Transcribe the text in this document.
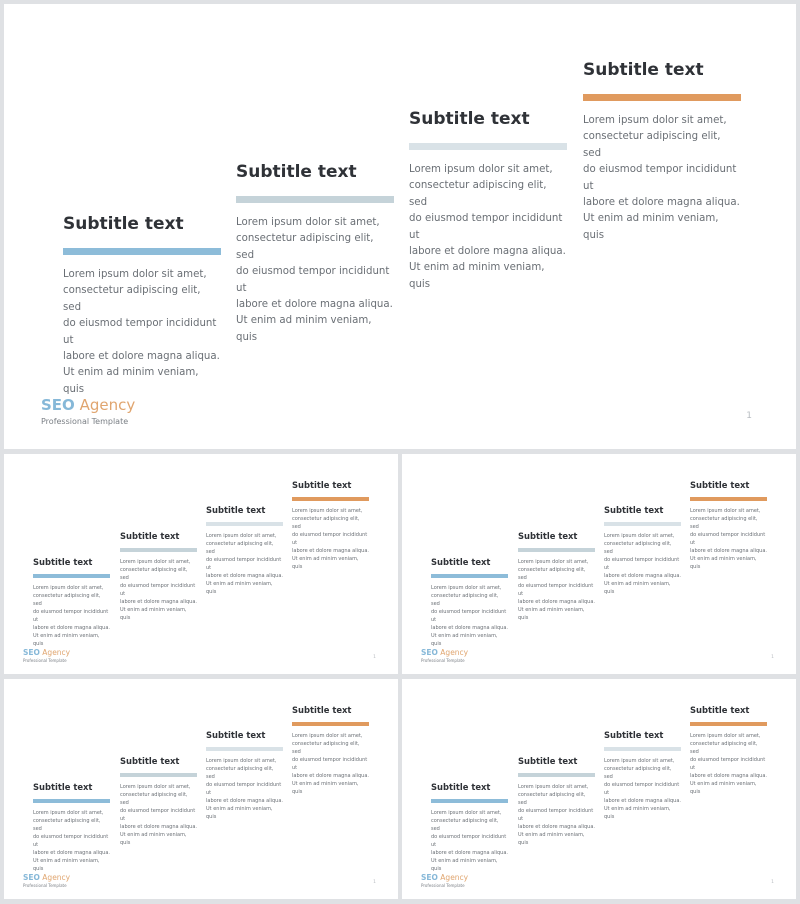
Subtitle text
Lorem ipsum dolor sit amet,
consectetur adipiscing elit, sed
do eiusmod tempor incididunt ut
labore et dolore magna aliqua.
Ut enim ad minim veniam, quis
Subtitle text
Lorem ipsum dolor sit amet,
consectetur adipiscing elit, sed
do eiusmod tempor incididunt ut
labore et dolore magna aliqua.
Ut enim ad minim veniam, quis
Subtitle text
Lorem ipsum dolor sit amet,
consectetur adipiscing elit, sed
do eiusmod tempor incididunt ut
labore et dolore magna aliqua.
Ut enim ad minim veniam, quis
Subtitle text
Lorem ipsum dolor sit amet,
consectetur adipiscing elit, sed
do eiusmod tempor incididunt ut
labore et dolore magna aliqua.
Ut enim ad minim veniam, quis
SEO Agency
Professional Template
1
Subtitle text
Lorem ipsum dolor sit amet,
consectetur adipiscing elit, sed
do eiusmod tempor incididunt ut
labore et dolore magna aliqua.
Ut enim ad minim veniam, quis
Subtitle text
Lorem ipsum dolor sit amet,
consectetur adipiscing elit, sed
do eiusmod tempor incididunt ut
labore et dolore magna aliqua.
Ut enim ad minim veniam, quis
Subtitle text
Lorem ipsum dolor sit amet,
consectetur adipiscing elit, sed
do eiusmod tempor incididunt ut
labore et dolore magna aliqua.
Ut enim ad minim veniam, quis
Subtitle text
Lorem ipsum dolor sit amet,
consectetur adipiscing elit, sed
do eiusmod tempor incididunt ut
labore et dolore magna aliqua.
Ut enim ad minim veniam, quis
SEO Agency
Professional Template
1
Subtitle text
Lorem ipsum dolor sit amet,
consectetur adipiscing elit, sed
do eiusmod tempor incididunt ut
labore et dolore magna aliqua.
Ut enim ad minim veniam, quis
Subtitle text
Lorem ipsum dolor sit amet,
consectetur adipiscing elit, sed
do eiusmod tempor incididunt ut
labore et dolore magna aliqua.
Ut enim ad minim veniam, quis
Subtitle text
Lorem ipsum dolor sit amet,
consectetur adipiscing elit, sed
do eiusmod tempor incididunt ut
labore et dolore magna aliqua.
Ut enim ad minim veniam, quis
Subtitle text
Lorem ipsum dolor sit amet,
consectetur adipiscing elit, sed
do eiusmod tempor incididunt ut
labore et dolore magna aliqua.
Ut enim ad minim veniam, quis
SEO Agency
Professional Template
1
Subtitle text
Lorem ipsum dolor sit amet,
consectetur adipiscing elit, sed
do eiusmod tempor incididunt ut
labore et dolore magna aliqua.
Ut enim ad minim veniam, quis
Subtitle text
Lorem ipsum dolor sit amet,
consectetur adipiscing elit, sed
do eiusmod tempor incididunt ut
labore et dolore magna aliqua.
Ut enim ad minim veniam, quis
Subtitle text
Lorem ipsum dolor sit amet,
consectetur adipiscing elit, sed
do eiusmod tempor incididunt ut
labore et dolore magna aliqua.
Ut enim ad minim veniam, quis
Subtitle text
Lorem ipsum dolor sit amet,
consectetur adipiscing elit, sed
do eiusmod tempor incididunt ut
labore et dolore magna aliqua.
Ut enim ad minim veniam, quis
SEO Agency
Professional Template
1
Subtitle text
Lorem ipsum dolor sit amet,
consectetur adipiscing elit, sed
do eiusmod tempor incididunt ut
labore et dolore magna aliqua.
Ut enim ad minim veniam, quis
Subtitle text
Lorem ipsum dolor sit amet,
consectetur adipiscing elit, sed
do eiusmod tempor incididunt ut
labore et dolore magna aliqua.
Ut enim ad minim veniam, quis
Subtitle text
Lorem ipsum dolor sit amet,
consectetur adipiscing elit, sed
do eiusmod tempor incididunt ut
labore et dolore magna aliqua.
Ut enim ad minim veniam, quis
Subtitle text
Lorem ipsum dolor sit amet,
consectetur adipiscing elit, sed
do eiusmod tempor incididunt ut
labore et dolore magna aliqua.
Ut enim ad minim veniam, quis
SEO Agency
Professional Template
1
